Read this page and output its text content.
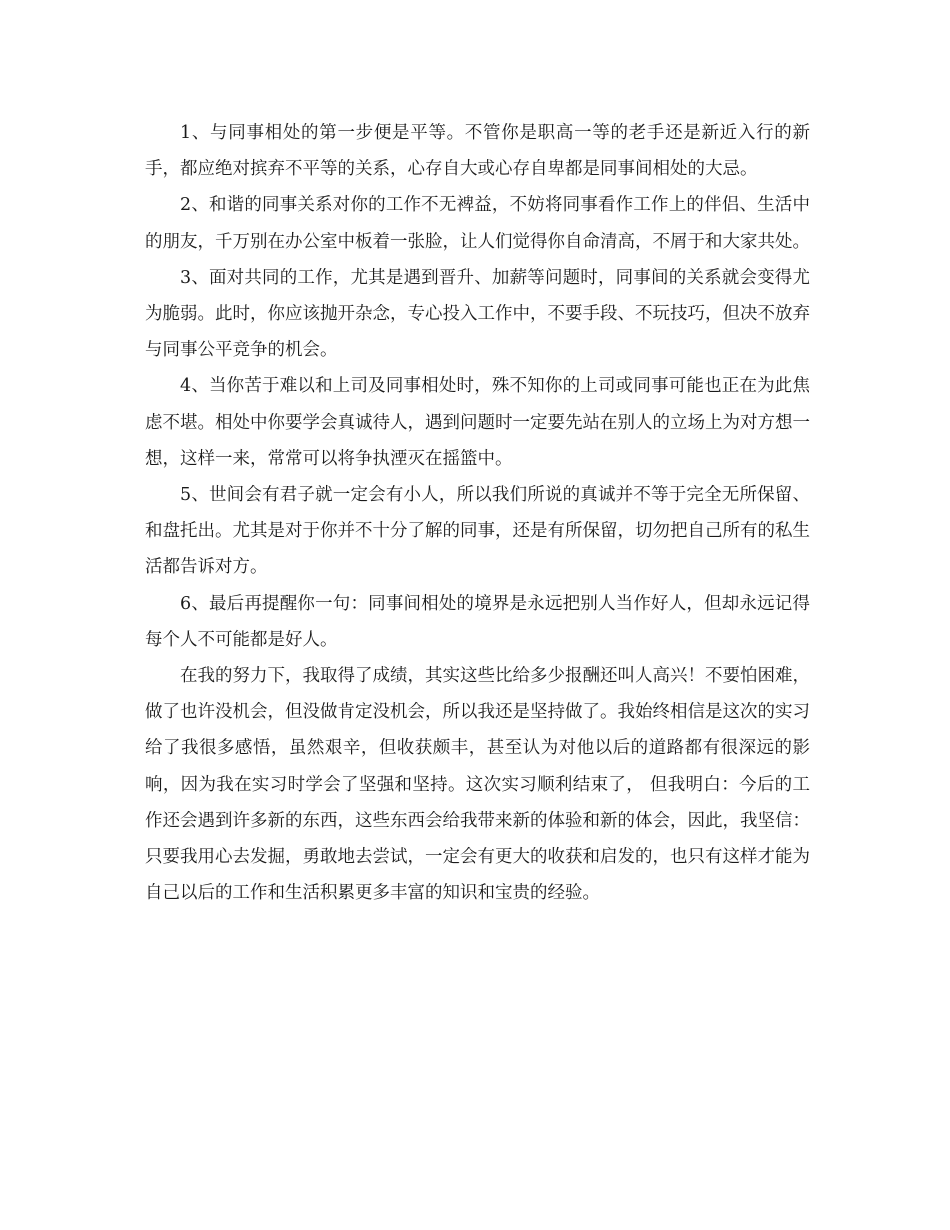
1、与同事相处的第一步便是平等。不管你是职高一等的老手还是新近入行的新手，都应绝对摈弃不平等的关系，心存自大或心存自卑都是同事间相处的大忌。

2、和谐的同事关系对你的工作不无裨益，不妨将同事看作工作上的伴侣、生活中的朋友，千万别在办公室中板着一张脸，让人们觉得你自命清高，不屑于和大家共处。

3、面对共同的工作，尤其是遇到晋升、加薪等问题时，同事间的关系就会变得尤为脆弱。此时，你应该抛开杂念，专心投入工作中，不要手段、不玩技巧，但决不放弃与同事公平竞争的机会。

4、当你苦于难以和上司及同事相处时，殊不知你的上司或同事可能也正在为此焦虑不堪。相处中你要学会真诚待人，遇到问题时一定要先站在别人的立场上为对方想一想，这样一来，常常可以将争执湮灭在摇篮中。

5、世间会有君子就一定会有小人，所以我们所说的真诚并不等于完全无所保留、和盘托出。尤其是对于你并不十分了解的同事，还是有所保留，切勿把自己所有的私生活都告诉对方。

6、最后再提醒你一句：同事间相处的境界是永远把别人当作好人，但却永远记得每个人不可能都是好人。

在我的努力下，我取得了成绩，其实这些比给多少报酬还叫人高兴！不要怕困难，做了也许没机会，但没做肯定没机会，所以我还是坚持做了。我始终相信是这次的实习给了我很多感悟，虽然艰辛，但收获颇丰，甚至认为对他以后的道路都有很深远的影响，因为我在实习时学会了坚强和坚持。这次实习顺利结束了， 但我明白：今后的工作还会遇到许多新的东西，这些东西会给我带来新的体验和新的体会，因此，我坚信：只要我用心去发掘，勇敢地去尝试，一定会有更大的收获和启发的，也只有这样才能为自己以后的工作和生活积累更多丰富的知识和宝贵的经验。
